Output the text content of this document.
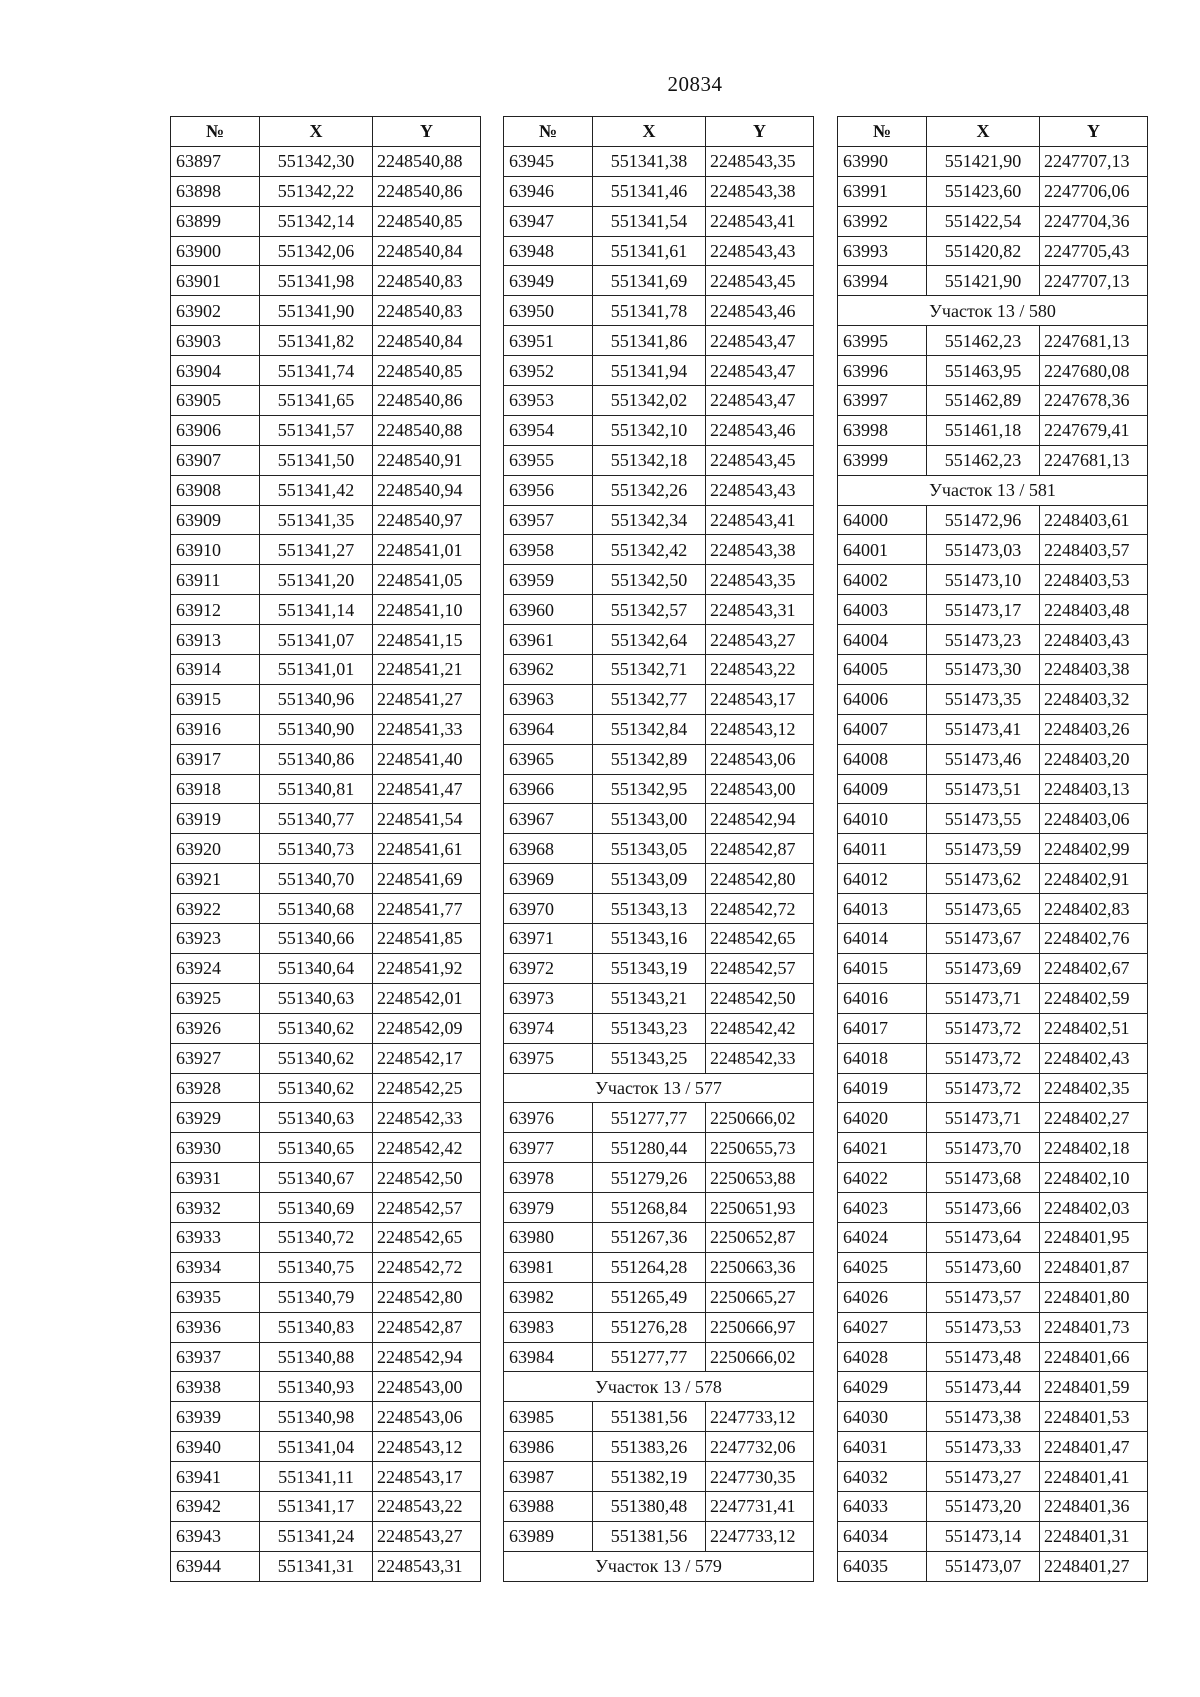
20834
№	X	Y
63897	551342,30	2248540,88
63898	551342,22	2248540,86
63899	551342,14	2248540,85
63900	551342,06	2248540,84
63901	551341,98	2248540,83
63902	551341,90	2248540,83
63903	551341,82	2248540,84
63904	551341,74	2248540,85
63905	551341,65	2248540,86
63906	551341,57	2248540,88
63907	551341,50	2248540,91
63908	551341,42	2248540,94
63909	551341,35	2248540,97
63910	551341,27	2248541,01
63911	551341,20	2248541,05
63912	551341,14	2248541,10
63913	551341,07	2248541,15
63914	551341,01	2248541,21
63915	551340,96	2248541,27
63916	551340,90	2248541,33
63917	551340,86	2248541,40
63918	551340,81	2248541,47
63919	551340,77	2248541,54
63920	551340,73	2248541,61
63921	551340,70	2248541,69
63922	551340,68	2248541,77
63923	551340,66	2248541,85
63924	551340,64	2248541,92
63925	551340,63	2248542,01
63926	551340,62	2248542,09
63927	551340,62	2248542,17
63928	551340,62	2248542,25
63929	551340,63	2248542,33
63930	551340,65	2248542,42
63931	551340,67	2248542,50
63932	551340,69	2248542,57
63933	551340,72	2248542,65
63934	551340,75	2248542,72
63935	551340,79	2248542,80
63936	551340,83	2248542,87
63937	551340,88	2248542,94
63938	551340,93	2248543,00
63939	551340,98	2248543,06
63940	551341,04	2248543,12
63941	551341,11	2248543,17
63942	551341,17	2248543,22
63943	551341,24	2248543,27
63944	551341,31	2248543,31
№	X	Y
63945	551341,38	2248543,35
63946	551341,46	2248543,38
63947	551341,54	2248543,41
63948	551341,61	2248543,43
63949	551341,69	2248543,45
63950	551341,78	2248543,46
63951	551341,86	2248543,47
63952	551341,94	2248543,47
63953	551342,02	2248543,47
63954	551342,10	2248543,46
63955	551342,18	2248543,45
63956	551342,26	2248543,43
63957	551342,34	2248543,41
63958	551342,42	2248543,38
63959	551342,50	2248543,35
63960	551342,57	2248543,31
63961	551342,64	2248543,27
63962	551342,71	2248543,22
63963	551342,77	2248543,17
63964	551342,84	2248543,12
63965	551342,89	2248543,06
63966	551342,95	2248543,00
63967	551343,00	2248542,94
63968	551343,05	2248542,87
63969	551343,09	2248542,80
63970	551343,13	2248542,72
63971	551343,16	2248542,65
63972	551343,19	2248542,57
63973	551343,21	2248542,50
63974	551343,23	2248542,42
63975	551343,25	2248542,33
Участок 13 / 577		
63976	551277,77	2250666,02
63977	551280,44	2250655,73
63978	551279,26	2250653,88
63979	551268,84	2250651,93
63980	551267,36	2250652,87
63981	551264,28	2250663,36
63982	551265,49	2250665,27
63983	551276,28	2250666,97
63984	551277,77	2250666,02
Участок 13 / 578		
63985	551381,56	2247733,12
63986	551383,26	2247732,06
63987	551382,19	2247730,35
63988	551380,48	2247731,41
63989	551381,56	2247733,12
Участок 13 / 579		
№	X	Y
63990	551421,90	2247707,13
63991	551423,60	2247706,06
63992	551422,54	2247704,36
63993	551420,82	2247705,43
63994	551421,90	2247707,13
Участок 13 / 580		
63995	551462,23	2247681,13
63996	551463,95	2247680,08
63997	551462,89	2247678,36
63998	551461,18	2247679,41
63999	551462,23	2247681,13
Участок 13 / 581		
64000	551472,96	2248403,61
64001	551473,03	2248403,57
64002	551473,10	2248403,53
64003	551473,17	2248403,48
64004	551473,23	2248403,43
64005	551473,30	2248403,38
64006	551473,35	2248403,32
64007	551473,41	2248403,26
64008	551473,46	2248403,20
64009	551473,51	2248403,13
64010	551473,55	2248403,06
64011	551473,59	2248402,99
64012	551473,62	2248402,91
64013	551473,65	2248402,83
64014	551473,67	2248402,76
64015	551473,69	2248402,67
64016	551473,71	2248402,59
64017	551473,72	2248402,51
64018	551473,72	2248402,43
64019	551473,72	2248402,35
64020	551473,71	2248402,27
64021	551473,70	2248402,18
64022	551473,68	2248402,10
64023	551473,66	2248402,03
64024	551473,64	2248401,95
64025	551473,60	2248401,87
64026	551473,57	2248401,80
64027	551473,53	2248401,73
64028	551473,48	2248401,66
64029	551473,44	2248401,59
64030	551473,38	2248401,53
64031	551473,33	2248401,47
64032	551473,27	2248401,41
64033	551473,20	2248401,36
64034	551473,14	2248401,31
64035	551473,07	2248401,27
